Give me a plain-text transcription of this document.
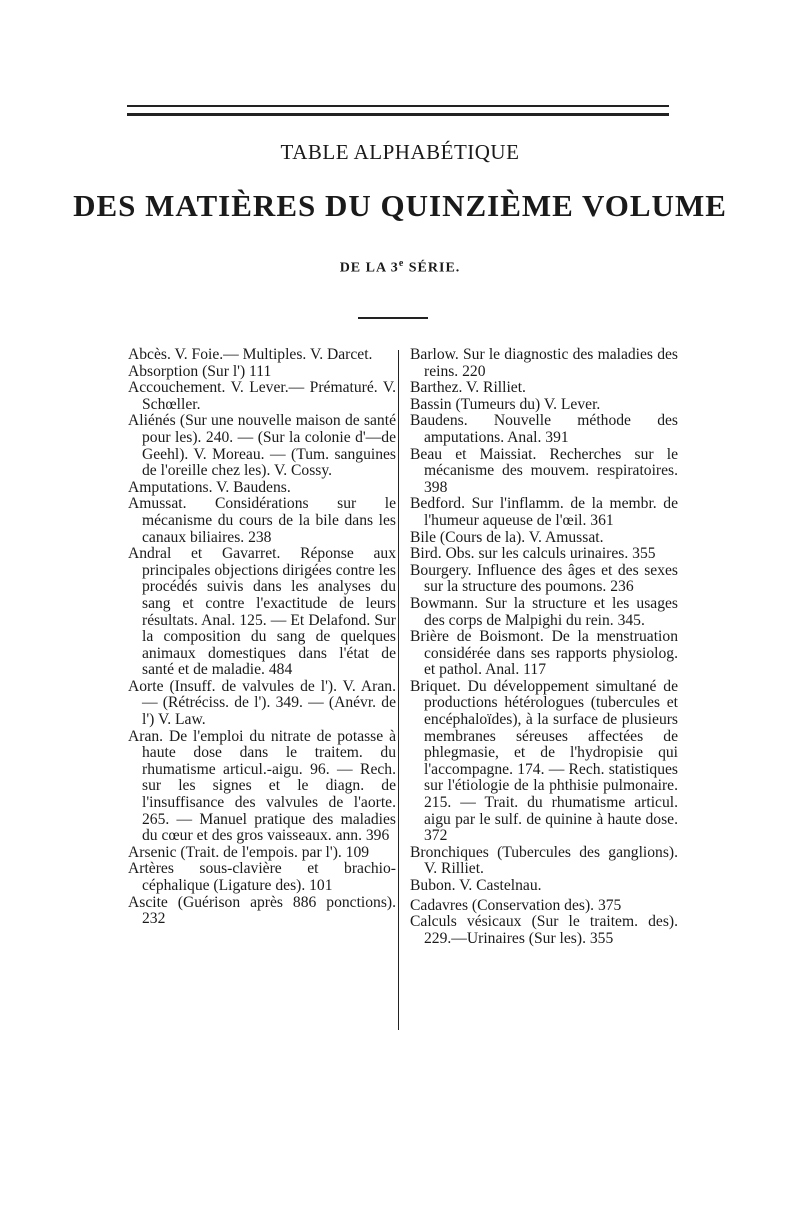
TABLE ALPHABÉTIQUE
DES MATIÈRES DU QUINZIÈME VOLUME
DE LA 3e SÉRIE.
Abcès. V. Foie.— Multiples. V. Darcet.
Absorption (Sur l') 111
Accouchement. V. Lever.— Prématuré. V. Schœller.
Aliénés (Sur une nouvelle maison de santé pour les). 240. — (Sur la colonie d'—de Geehl). V. Moreau. — (Tum. sanguines de l'oreille chez les). V. Cossy.
Amputations. V. Baudens.
Amussat. Considérations sur le mécanisme du cours de la bile dans les canaux biliaires. 238
Andral et Gavarret. Réponse aux principales objections dirigées contre les procédés suivis dans les analyses du sang et contre l'exactitude de leurs résultats. Anal. 125. — Et Delafond. Sur la composition du sang de quelques animaux domestiques dans l'état de santé et de maladie. 484
Aorte (Insuff. de valvules de l'). V. Aran. — (Rétréciss. de l'). 349. — (Anévr. de l') V. Law.
Aran. De l'emploi du nitrate de potasse à haute dose dans le traitem. du rhumatisme articul.-aigu. 96. — Rech. sur les signes et le diagn. de l'insuffisance des valvules de l'aorte. 265. — Manuel pratique des maladies du cœur et des gros vaisseaux. ann. 396
Arsenic (Trait. de l'empois. par l'). 109
Artères sous-clavière et brachio-céphalique (Ligature des). 101
Ascite (Guérison après 886 ponctions). 232
Barlow. Sur le diagnostic des maladies des reins. 220
Barthez. V. Rilliet.
Bassin (Tumeurs du) V. Lever.
Baudens. Nouvelle méthode des amputations. Anal. 391
Beau et Maissiat. Recherches sur le mécanisme des mouvem. respiratoires. 398
Bedford. Sur l'inflamm. de la membr. de l'humeur aqueuse de l'œil. 361
Bile (Cours de la). V. Amussat.
Bird. Obs. sur les calculs urinaires. 355
Bourgery. Influence des âges et des sexes sur la structure des poumons. 236
Bowmann. Sur la structure et les usages des corps de Malpighi du rein. 345.
Brière de Boismont. De la menstruation considérée dans ses rapports physiolog. et pathol. Anal. 117
Briquet. Du développement simultané de productions hétérologues (tubercules et encéphaloïdes), à la surface de plusieurs membranes séreuses affectées de phlegmasie, et de l'hydropisie qui l'accompagne. 174. — Rech. statistiques sur l'étiologie de la phthisie pulmonaire. 215. — Trait. du rhumatisme articul. aigu par le sulf. de quinine à haute dose. 372
Bronchiques (Tubercules des ganglions). V. Rilliet.
Bubon. V. Castelnau.
Cadavres (Conservation des). 375
Calculs vésicaux (Sur le traitem. des). 229.—Urinaires (Sur les). 355
